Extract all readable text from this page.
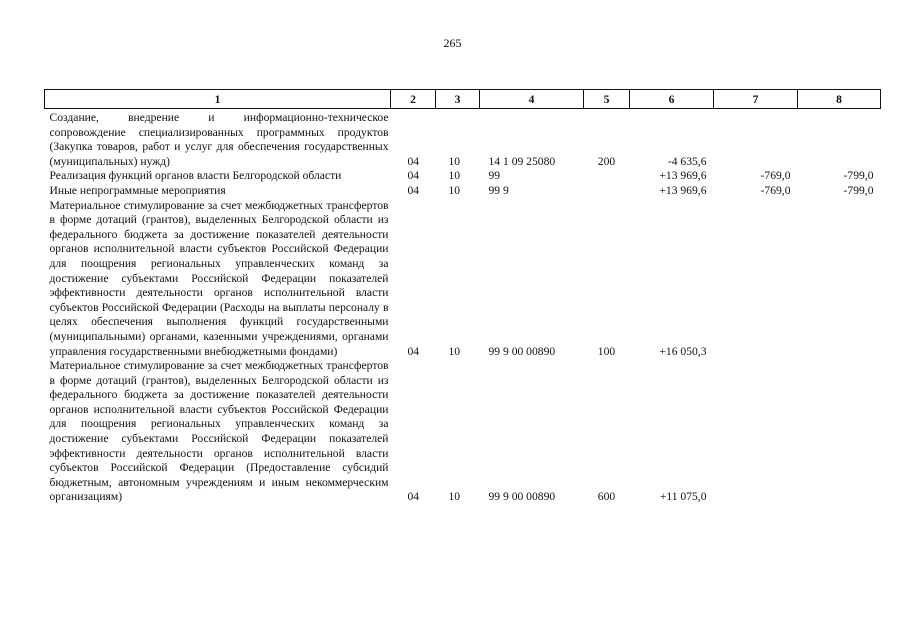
265
1	2	3	4	5	6	7	8
Создание, внедрение и информационно-техническое сопровождение специализированных программных продуктов (Закупка товаров, работ и услуг для обеспечения государственных (муниципальных) нужд)	04	10	14 1 09 25080	200	-4 635,6		
Реализация функций органов власти Белгородской области	04	10	99		+13 969,6	-769,0	-799,0
Иные непрограммные мероприятия	04	10	99 9		+13 969,6	-769,0	-799,0
Материальное стимулирование за счет межбюджетных трансфертов в форме дотаций (грантов), выделенных Белгородской области из федерального бюджета за достижение показателей деятельности органов исполнительной власти субъектов Российской Федерации для поощрения региональных управленческих команд за достижение субъектами Российской Федерации показателей эффективности деятельности органов исполнительной власти субъектов Российской Федерации (Расходы на выплаты персоналу в целях обеспечения выполнения функций государственными (муниципальными) органами, казенными учреждениями, органами управления государственными внебюджетными фондами)	04	10	99 9 00 00890	100	+16 050,3		
Материальное стимулирование за счет межбюджетных трансфертов в форме дотаций (грантов), выделенных Белгородской области из федерального бюджета за достижение показателей деятельности органов исполнительной власти субъектов Российской Федерации для поощрения региональных управленческих команд за достижение субъектами Российской Федерации показателей эффективности деятельности органов исполнительной власти субъектов Российской Федерации (Предоставление субсидий бюджетным, автономным учреждениям и иным некоммерческим организациям)	04	10	99 9 00 00890	600	+11 075,0		
